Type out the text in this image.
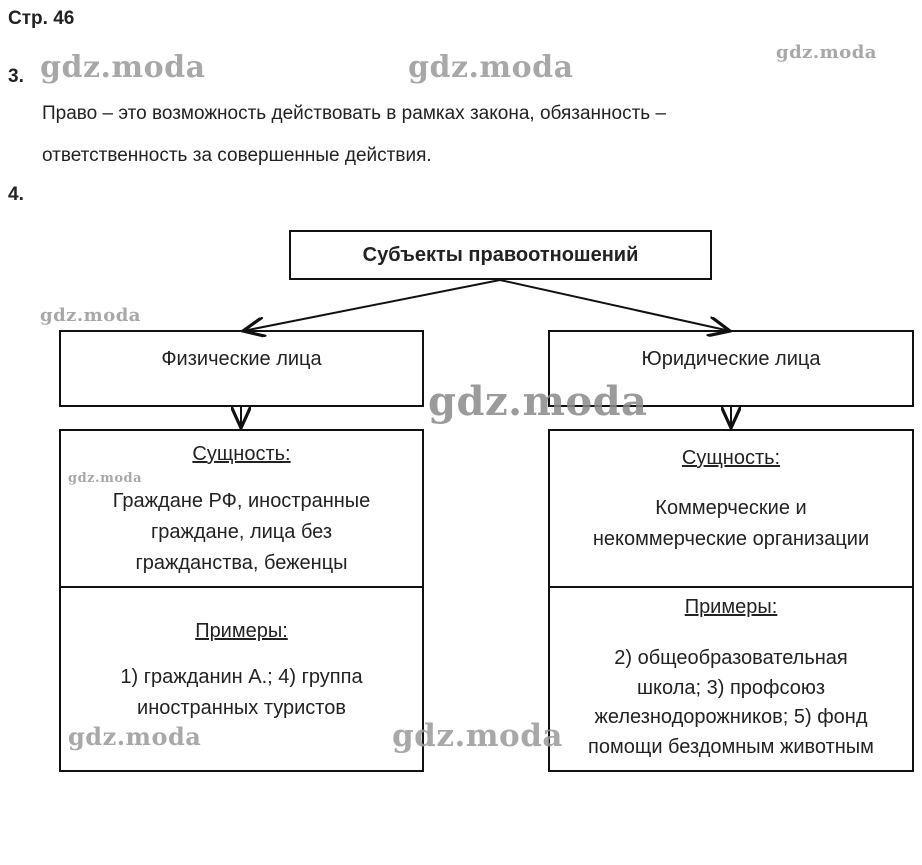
Стр. 46
3.
Право – это возможность действовать в рамках закона, обязанность –
ответственность за совершенные действия.
4.
Субъекты правоотношений
Физические лица
Сущность:
Граждане РФ, иностранные
граждане, лица без
гражданства, беженцы
Примеры:
1) гражданин А.; 4) группа
иностранных туристов
Юридические лица
Сущность:
Коммерческие и
некоммерческие организации
Примеры:
2) общеобразовательная
школа; 3) профсоюз
железнодорожников; 5) фонд
помощи бездомным животным
gdz.moda	gdz.moda	gdz.moda
gdz.moda
gdz.moda
gdz.moda
gdz.moda	gdz.moda
